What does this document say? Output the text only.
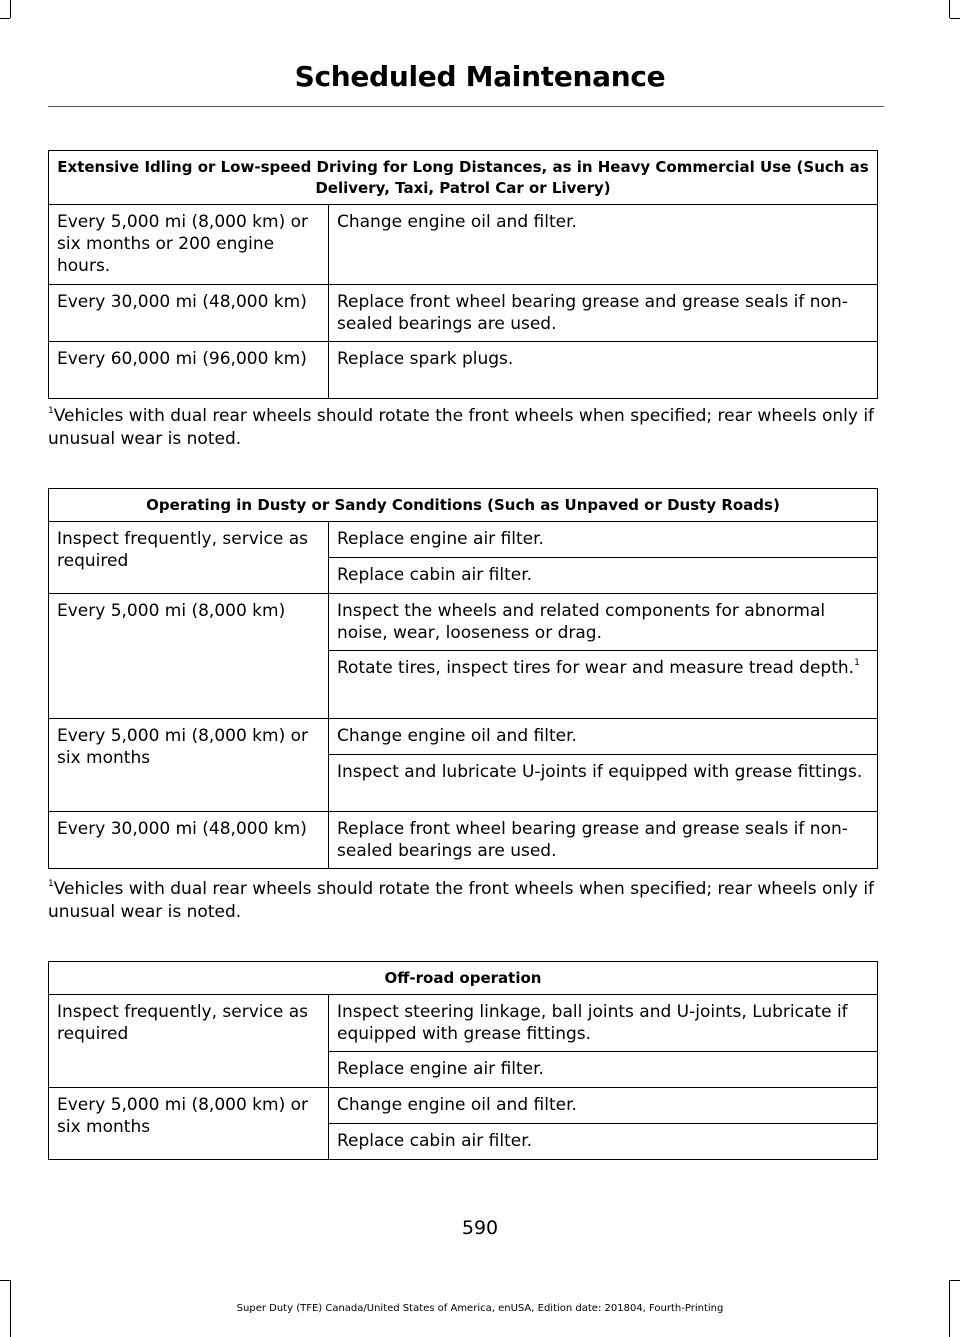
Scheduled Maintenance
Extensive Idling or Low-speed Driving for Long Distances, as in Heavy Commercial Use (Such as Delivery, Taxi, Patrol Car or Livery)	
Every 5,000 mi (8,000 km) or six months or 200 engine hours.	Change engine oil and filter.
Every 30,000 mi (48,000 km)	Replace front wheel bearing grease and grease seals if non-sealed bearings are used.
Every 60,000 mi (96,000 km)	Replace spark plugs.
$^1$Vehicles with dual rear wheels should rotate the front wheels when specified; rear wheels only if unusual wear is noted.
Operating in Dusty or Sandy Conditions (Such as Unpaved or Dusty Roads)	
Inspect frequently, service as required	Replace engine air filter.
	Replace cabin air filter.
Every 5,000 mi (8,000 km)	Inspect the wheels and related components for abnormal noise, wear, looseness or drag.
	Rotate tires, inspect tires for wear and measure tread depth.$^1$
Every 5,000 mi (8,000 km) or six months	Change engine oil and filter.
	Inspect and lubricate U-joints if equipped with grease fittings.
Every 30,000 mi (48,000 km)	Replace front wheel bearing grease and grease seals if non-sealed bearings are used.
$^1$Vehicles with dual rear wheels should rotate the front wheels when specified; rear wheels only if unusual wear is noted.
Off-road operation	
Inspect frequently, service as required	Inspect steering linkage, ball joints and U-joints, Lubricate if equipped with grease fittings.
	Replace engine air filter.
Every 5,000 mi (8,000 km) or six months	Change engine oil and filter.
	Replace cabin air filter.
590
Super Duty (TFE) Canada/United States of America, enUSA, Edition date: 201804, Fourth-Printing
